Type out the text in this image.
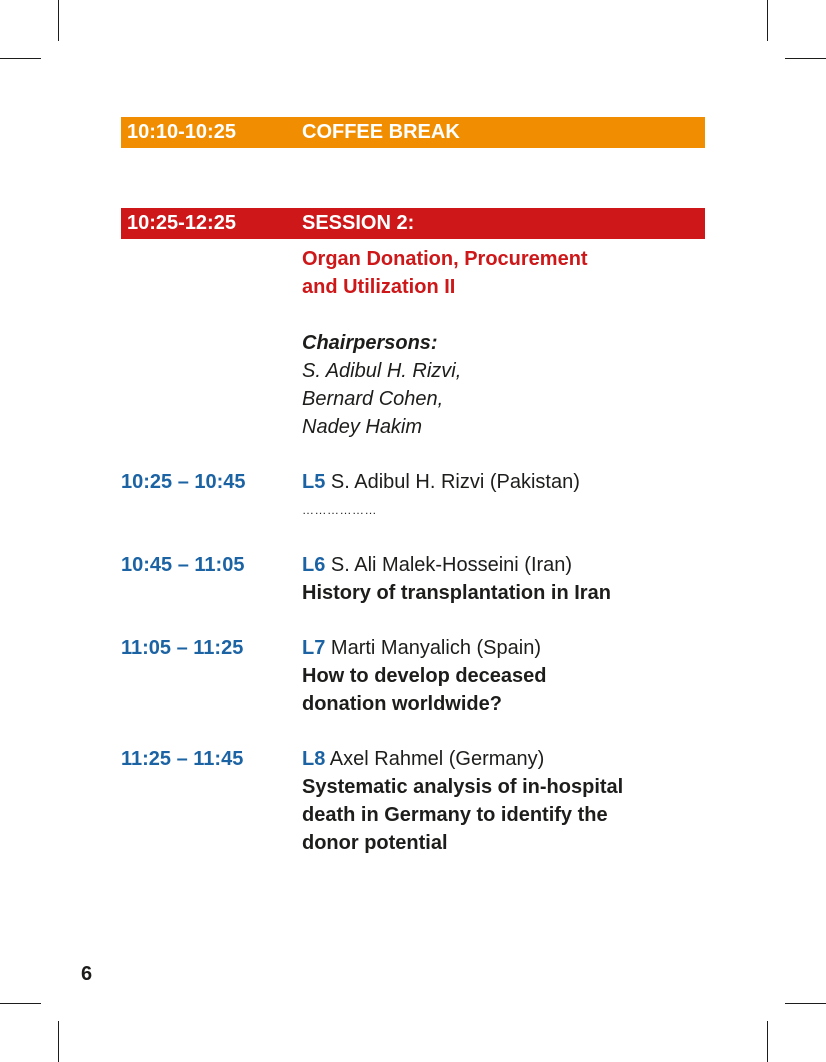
10:10-10:25	COFFEE BREAK
10:25-12:25	SESSION 2:
Organ Donation, Procurement
and Utilization II
Chairpersons:
S. Adibul H. Rizvi,
Bernard Cohen,
Nadey Hakim
10:25 – 10:45	L5 S. Adibul H. Rizvi (Pakistan)
………………
10:45 – 11:05	L6 S. Ali Malek-Hosseini (Iran)
History of transplantation in Iran
11:05 – 11:25	L7 Marti Manyalich (Spain)
How to develop deceased
donation worldwide?
11:25 – 11:45	L8 Axel Rahmel (Germany)
Systematic analysis of in-hospital
death in Germany to identify the
donor potential
6
